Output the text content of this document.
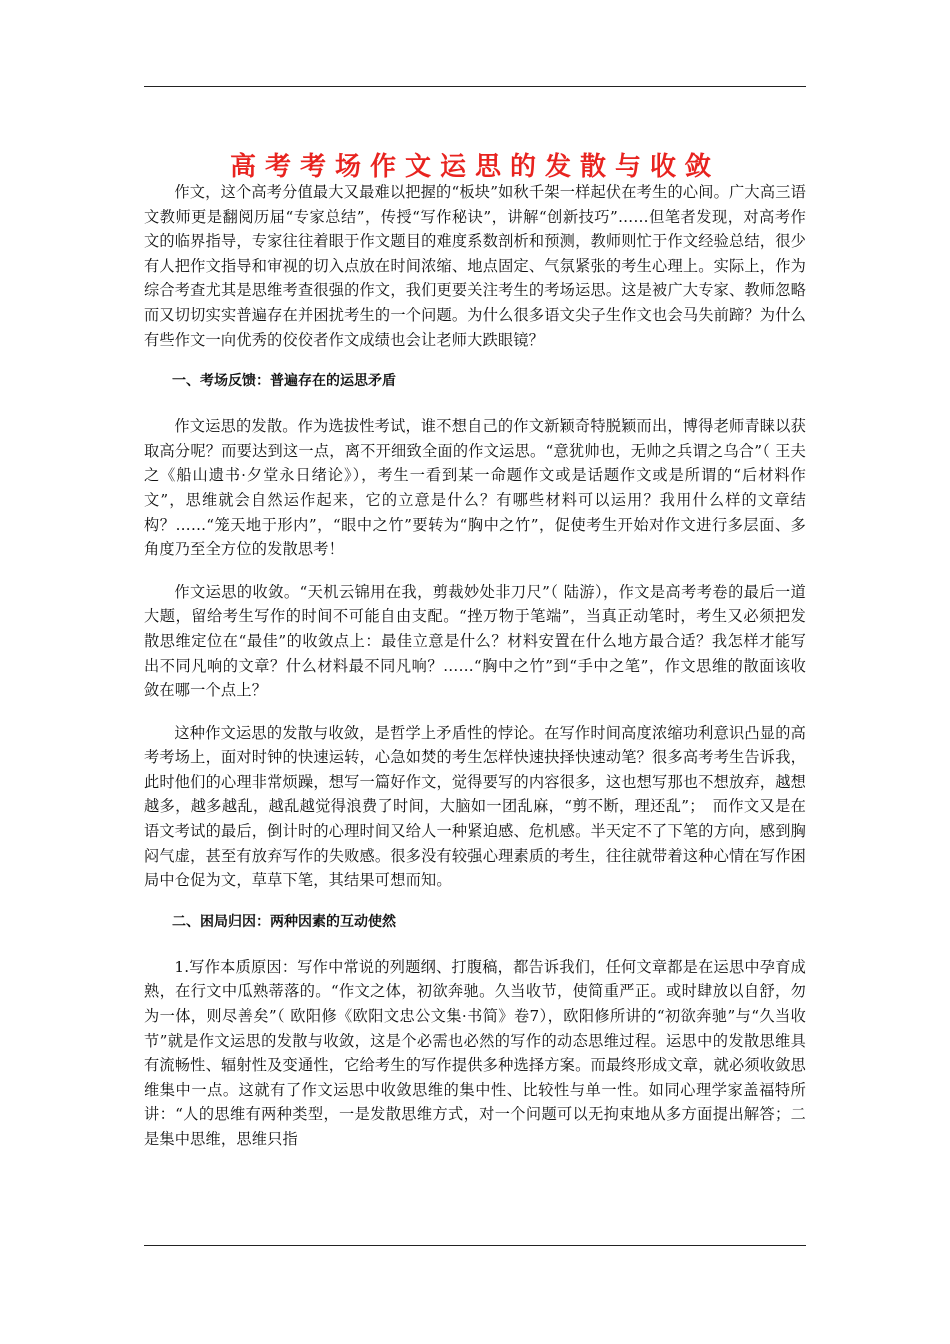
高考考场作文运思的发散与收敛

作文，这个高考分值最大又最难以把握的“板块”如秋千架一样起伏在考生的心间。广大高三语文教师更是翻阅历届“专家总结”，传授“写作秘诀”，讲解“创新技巧”……但笔者发现，对高考作文的临界指导，专家往往着眼于作文题目的难度系数剖析和预测，教师则忙于作文经验总结，很少有人把作文指导和审视的切入点放在时间浓缩、地点固定、气氛紧张的考生心理上。实际上，作为综合考查尤其是思维考查很强的作文，我们更要关注考生的考场运思。这是被广大专家、教师忽略而又切切实实普遍存在并困扰考生的一个问题。为什么很多语文尖子生作文也会马失前蹄？为什么有些作文一向优秀的佼佼者作文成绩也会让老师大跌眼镜？

一、考场反馈：普遍存在的运思矛盾

作文运思的发散。作为选拔性考试，谁不想自己的作文新颖奇特脱颖而出，博得老师青睐以获取高分呢？而要达到这一点，离不开细致全面的作文运思。“意犹帅也，无帅之兵谓之乌合”（ 王夫之《船山遗书·夕堂永日绪论》），考生一看到某一命题作文或是话题作文或是所谓的“后材料作文”，思维就会自然运作起来，它的立意是什么？有哪些材料可以运用？我用什么样的文章结构？……“笼天地于形内”，“眼中之竹”要转为“胸中之竹”，促使考生开始对作文进行多层面、多角度乃至全方位的发散思考！

作文运思的收敛。“天机云锦用在我，剪裁妙处非刀尺”（ 陆游），作文是高考考卷的最后一道大题，留给考生写作的时间不可能自由支配。“挫万物于笔端”，当真正动笔时，考生又必须把发散思维定位在“最佳”的收敛点上：最佳立意是什么？材料安置在什么地方最合适？我怎样才能写出不同凡响的文章？什么材料最不同凡响？……“胸中之竹”到“手中之笔”，作文思维的散面该收敛在哪一个点上？

这种作文运思的发散与收敛，是哲学上矛盾性的悖论。在写作时间高度浓缩功利意识凸显的高考考场上，面对时钟的快速运转，心急如焚的考生怎样快速抉择快速动笔？很多高考考生告诉我，此时他们的心理非常烦躁，想写一篇好作文，觉得要写的内容很多，这也想写那也不想放弃，越想越多，越多越乱，越乱越觉得浪费了时间，大脑如一团乱麻，“剪不断，理还乱”；　而作文又是在语文考试的最后，倒计时的心理时间又给人一种紧迫感、危机感。半天定不了下笔的方向，感到胸闷气虚，甚至有放弃写作的失败感。很多没有较强心理素质的考生，往往就带着这种心情在写作困局中仓促为文，草草下笔，其结果可想而知。

二、困局归因：两种因素的互动使然

1.写作本质原因：写作中常说的列题纲、打腹稿，都告诉我们，任何文章都是在运思中孕育成熟，在行文中瓜熟蒂落的。“作文之体，初欲奔驰。久当收节，使简重严正。或时肆放以自舒，勿为一体，则尽善矣”（ 欧阳修《欧阳文忠公文集·书简》卷7），欧阳修所讲的“初欲奔驰”与“久当收节”就是作文运思的发散与收敛，这是个必需也必然的写作的动态思维过程。运思中的发散思维具有流畅性、辐射性及变通性，它给考生的写作提供多种选择方案。而最终形成文章，就必须收敛思维集中一点。这就有了作文运思中收敛思维的集中性、比较性与单一性。如同心理学家盖福特所讲：“人的思维有两种类型，一是发散思维方式，对一个问题可以无拘束地从多方面提出解答；二是集中思维，思维只指
